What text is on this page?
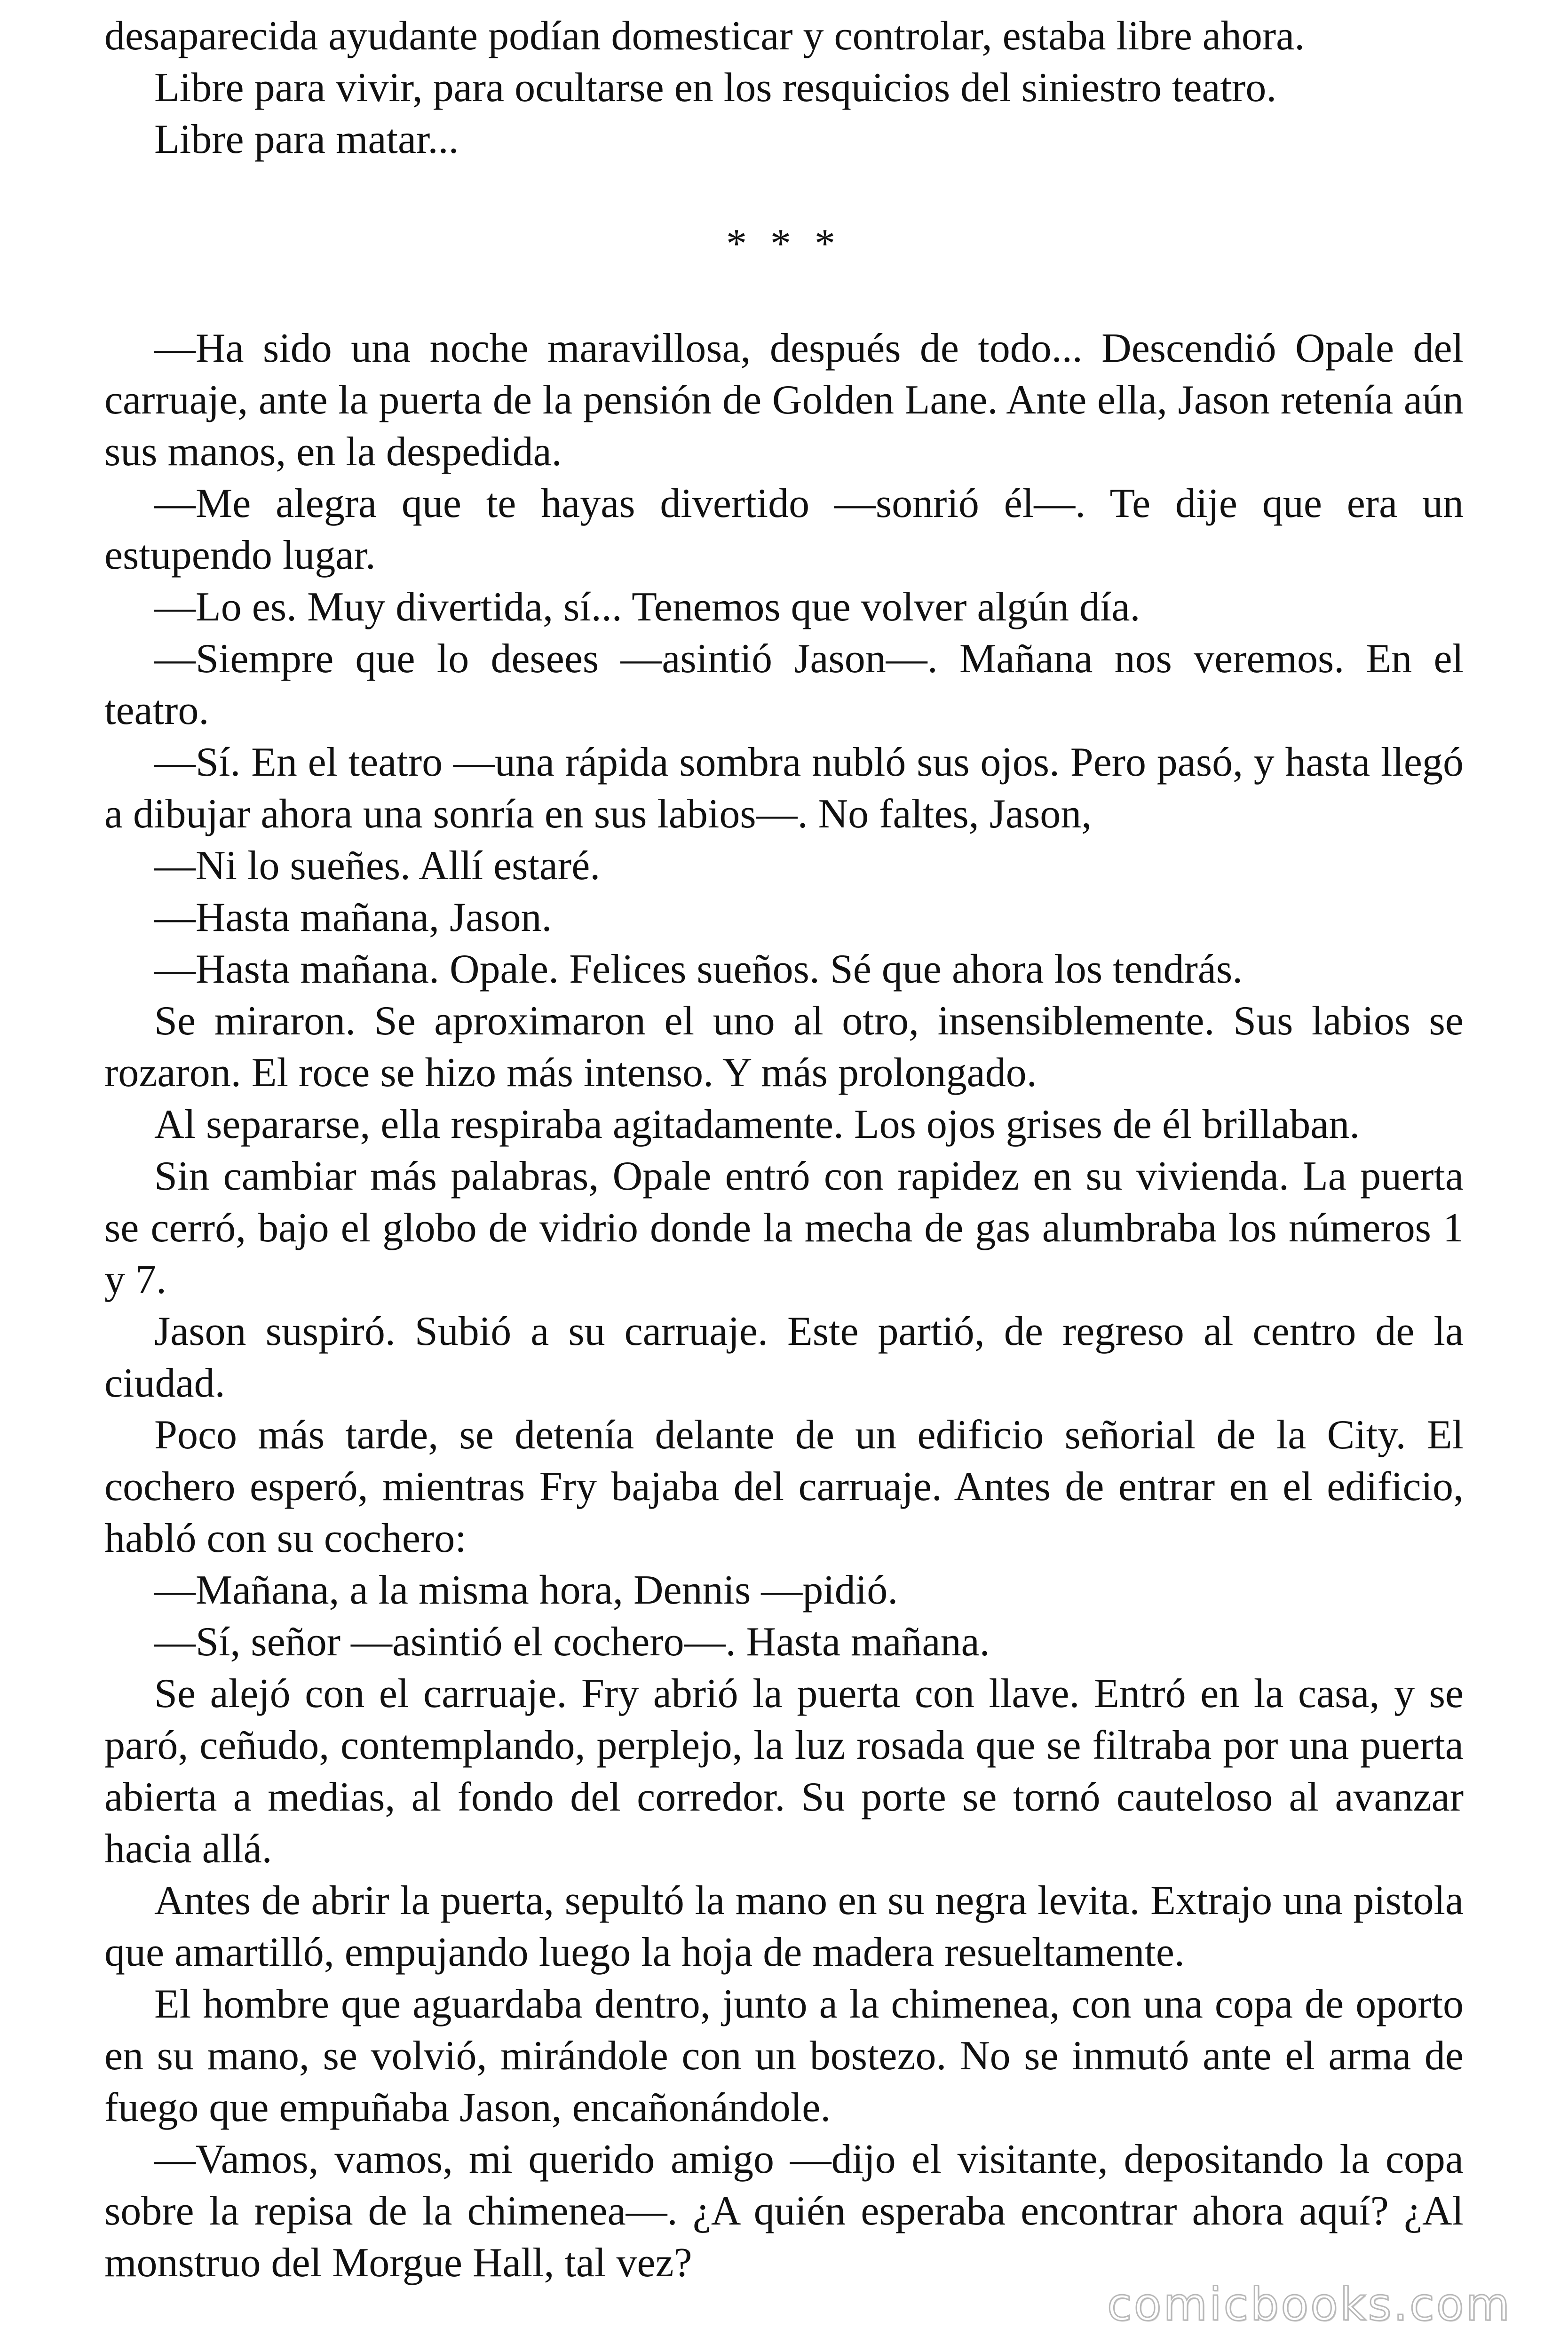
desaparecida ayudante podían domesticar y controlar, estaba libre ahora.

Libre para vivir, para ocultarse en los resquicios del siniestro teatro.

Libre para matar...

* * *

—Ha sido una noche maravillosa, después de todo... Descendió Opale del carruaje, ante la puerta de la pensión de Golden Lane. Ante ella, Jason retenía aún sus manos, en la despedida.

—Me alegra que te hayas divertido —sonrió él—. Te dije que era un estupendo lugar.

—Lo es. Muy divertida, sí... Tenemos que volver algún día.

—Siempre que lo desees —asintió Jason—. Mañana nos veremos. En el teatro.

—Sí. En el teatro —una rápida sombra nubló sus ojos. Pero pasó, y hasta llegó a dibujar ahora una sonría en sus labios—. No faltes, Jason,

—Ni lo sueñes. Allí estaré.

—Hasta mañana, Jason.

—Hasta mañana. Opale. Felices sueños. Sé que ahora los tendrás.

Se miraron. Se aproximaron el uno al otro, insensiblemente. Sus labios se rozaron. El roce se hizo más intenso. Y más prolongado.

Al separarse, ella respiraba agitadamente. Los ojos grises de él brillaban.

Sin cambiar más palabras, Opale entró con rapidez en su vivienda. La puerta se cerró, bajo el globo de vidrio donde la mecha de gas alumbraba los números 1 y 7.

Jason suspiró. Subió a su carruaje. Este partió, de regreso al centro de la ciudad.

Poco más tarde, se detenía delante de un edificio señorial de la City. El cochero esperó, mientras Fry bajaba del carruaje. Antes de entrar en el edificio, habló con su cochero:

—Mañana, a la misma hora, Dennis —pidió.

—Sí, señor —asintió el cochero—. Hasta mañana.

Se alejó con el carruaje. Fry abrió la puerta con llave. Entró en la casa, y se paró, ceñudo, contemplando, perplejo, la luz rosada que se filtraba por una puerta abierta a medias, al fondo del corredor. Su porte se tornó cauteloso al avanzar hacia allá.

Antes de abrir la puerta, sepultó la mano en su negra levita. Extrajo una pistola que amartilló, empujando luego la hoja de madera resueltamente.

El hombre que aguardaba dentro, junto a la chimenea, con una copa de oporto en su mano, se volvió, mirándole con un bostezo. No se inmutó ante el arma de fuego que empuñaba Jason, encañonándole.

—Vamos, vamos, mi querido amigo —dijo el visitante, depositando la copa sobre la repisa de la chimenea—. ¿A quién esperaba encontrar ahora aquí? ¿Al monstruo del Morgue Hall, tal vez?

comicbooks.com
